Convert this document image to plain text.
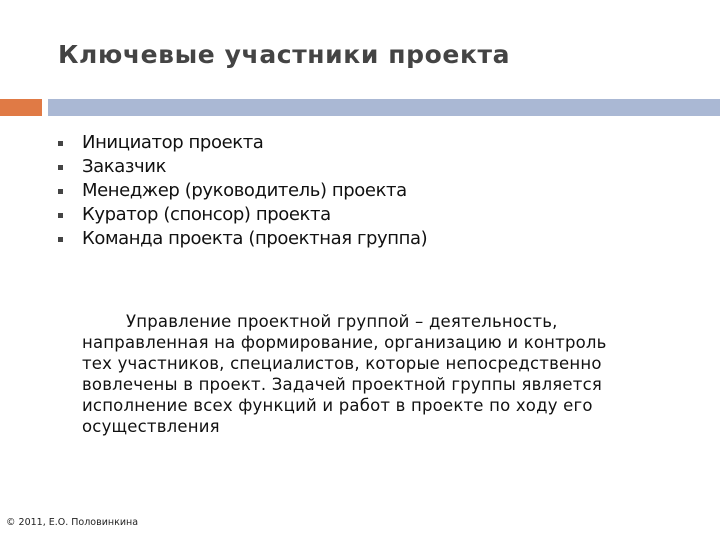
Ключевые участники проекта
Инициатор проекта
Заказчик
Менеджер (руководитель) проекта
Куратор (спонсор) проекта
Команда проекта (проектная группа)
Управление проектной группой – деятельность,
направленная на формирование, организацию и контроль
тех участников, специалистов, которые непосредственно
вовлечены в проект. Задачей проектной группы является
исполнение всех функций и работ в проекте по ходу его
осуществления
© 2011, Е.О. Половинкина
